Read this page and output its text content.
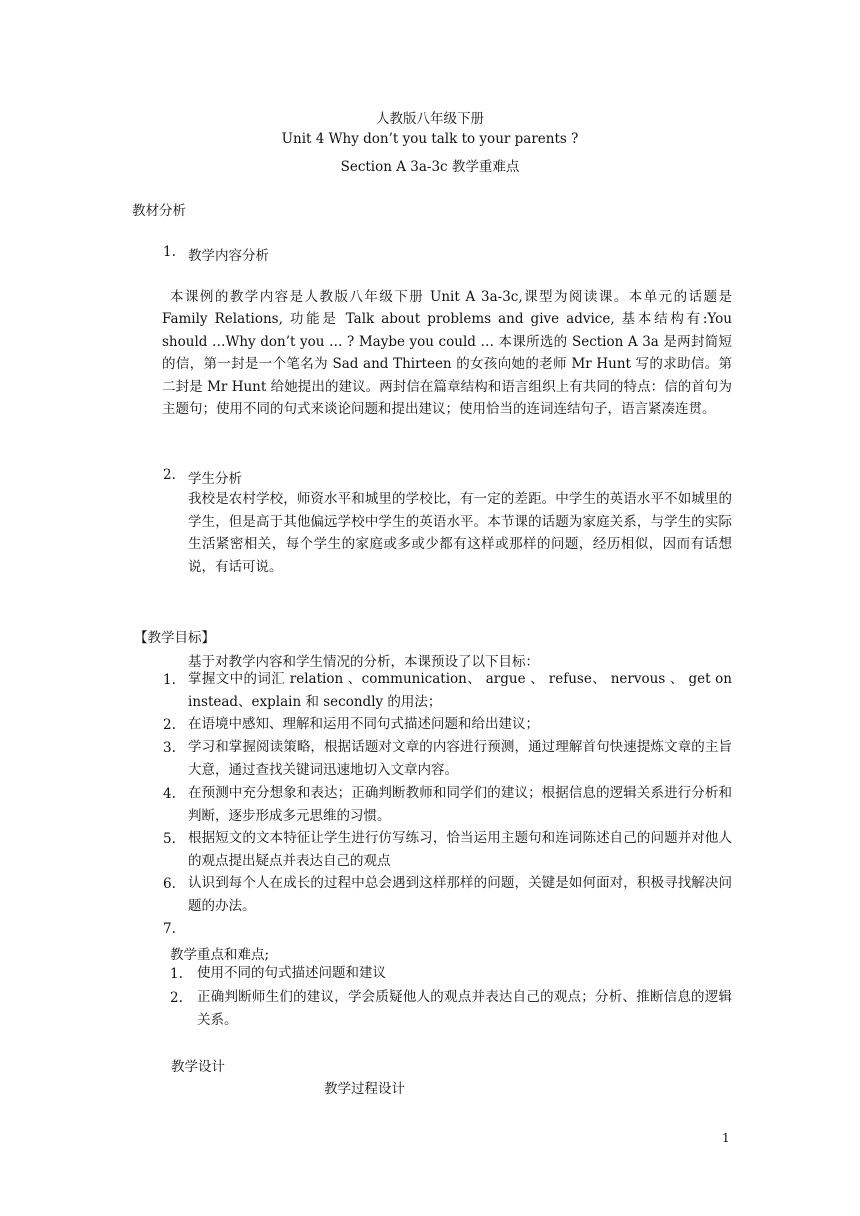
人教版八年级下册
Unit 4 Why don’t you talk to your parents ?
Section A 3a-3c 教学重难点
教材分析
1. 教学内容分析
本课例的教学内容是人教版八年级下册 Unit A 3a-3c,课型为阅读课。本单元的话题是 Family Relations, 功能是 Talk about problems and give advice, 基本结构有:You should …Why don’t you … ? Maybe you could … 本课所选的 Section A 3a 是两封简短的信，第一封是一个笔名为 Sad and Thirteen 的女孩向她的老师 Mr Hunt 写的求助信。第二封是 Mr Hunt 给她提出的建议。两封信在篇章结构和语言组织上有共同的特点：信的首句为主题句；使用不同的句式来谈论问题和提出建议；使用恰当的连词连结句子，语言紧凑连贯。
2. 学生分析
我校是农村学校，师资水平和城里的学校比，有一定的差距。中学生的英语水平不如城里的学生，但是高于其他偏远学校中学生的英语水平。本节课的话题为家庭关系，与学生的实际生活紧密相关，每个学生的家庭或多或少都有这样或那样的问题，经历相似，因而有话想说，有话可说。
【教学目标】
基于对教学内容和学生情况的分析，本课预设了以下目标：
1. 掌握文中的词汇 relation 、communication、 argue 、 refuse、 nervous 、 get on instead、explain 和 secondly 的用法；
2. 在语境中感知、理解和运用不同句式描述问题和给出建议；
3. 学习和掌握阅读策略，根据话题对文章的内容进行预测，通过理解首句快速提炼文章的主旨大意，通过查找关键词迅速地切入文章内容。
4. 在预测中充分想象和表达；正确判断教师和同学们的建议；根据信息的逻辑关系进行分析和判断，逐步形成多元思维的习惯。
5. 根据短文的文本特征让学生进行仿写练习，恰当运用主题句和连词陈述自己的问题并对他人的观点提出疑点并表达自己的观点
6. 认识到每个人在成长的过程中总会遇到这样那样的问题，关键是如何面对，积极寻找解决问题的办法。
7.
教学重点和难点;
1. 使用不同的句式描述问题和建议
2. 正确判断师生们的建议，学会质疑他人的观点并表达自己的观点；分析、推断信息的逻辑关系。
教学设计
教学过程设计
1
